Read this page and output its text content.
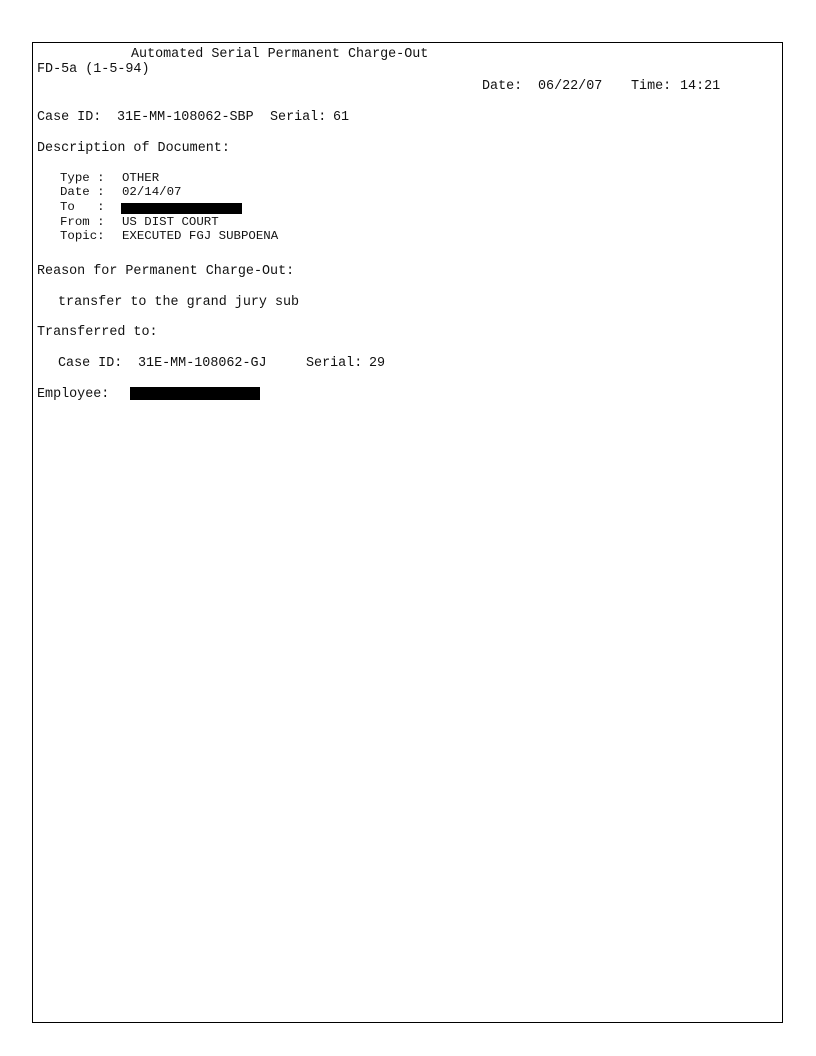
Automated Serial Permanent Charge-Out
FD-5a (1-5-94)
Date: 06/22/07 Time: 14:21
Case ID: 31E-MM-108062-SBP Serial: 61
Description of Document:
Type : OTHER
Date : 02/14/07
To   :
From : US DIST COURT
Topic: EXECUTED FGJ SUBPOENA
Reason for Permanent Charge-Out:
transfer to the grand jury sub
Transferred to:
Case ID: 31E-MM-108062-GJ	Serial: 29
Employee:
